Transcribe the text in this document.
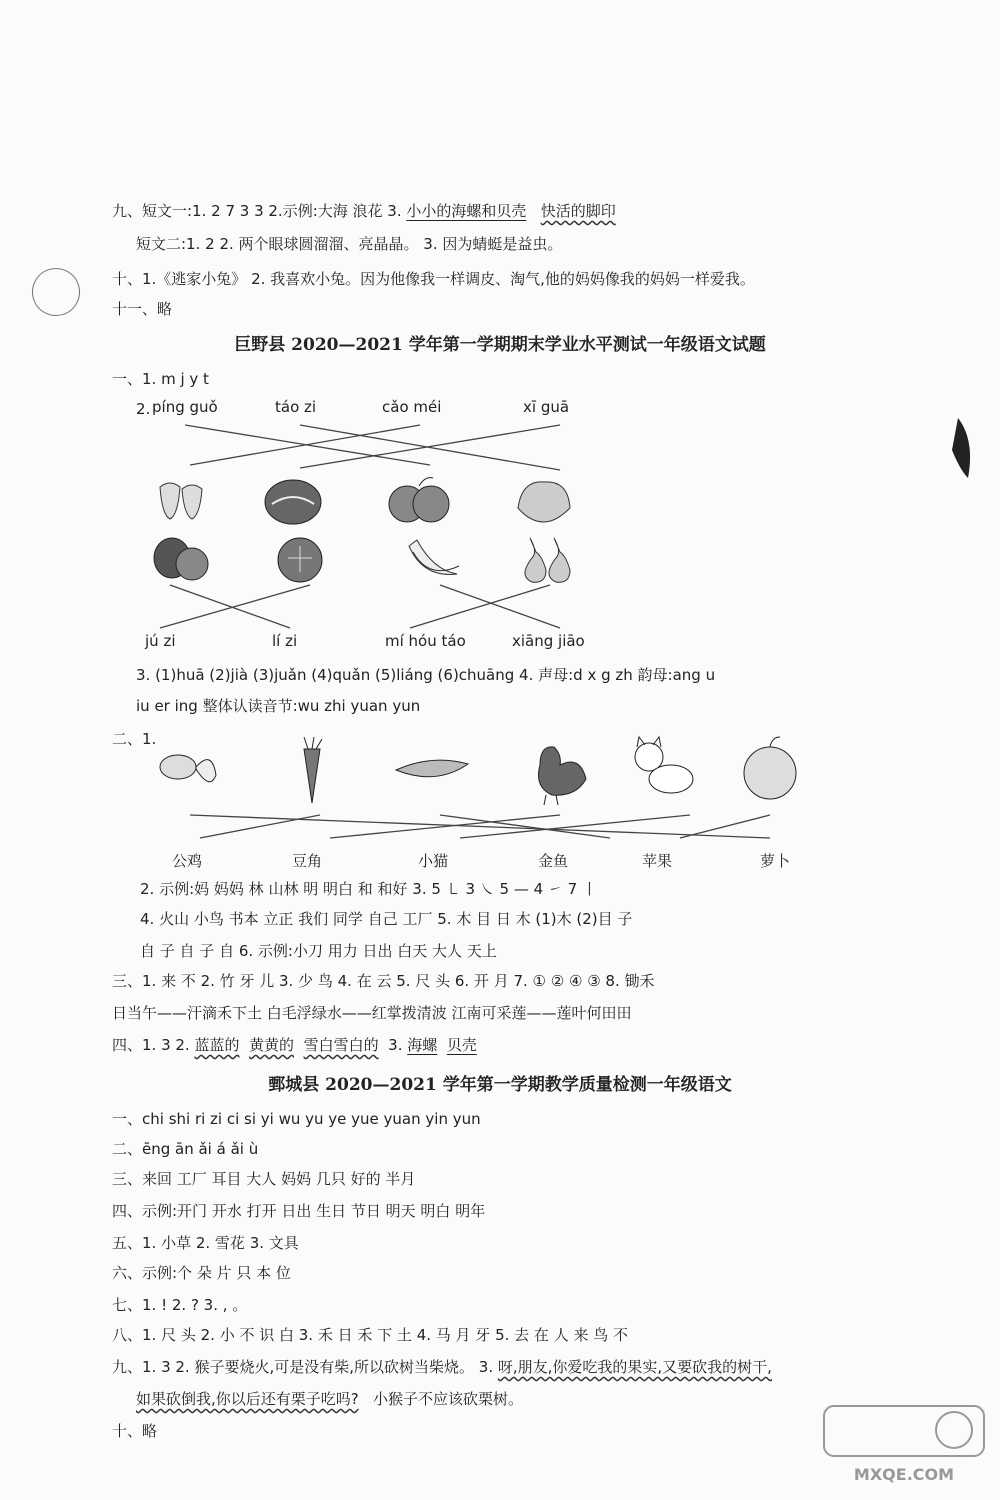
九、短文一:1. 2 7 3 3 2.示例:大海 浪花 3. 小小的海螺和贝壳 快活的脚印
短文二:1. 2 2. 两个眼球圆溜溜、亮晶晶。 3. 因为蜻蜓是益虫。
十、1.《逃家小兔》 2. 我喜欢小兔。因为他像我一样调皮、淘气,他的妈妈像我的妈妈一样爱我。
十一、略
巨野县 2020—2021 学年第一学期期末学业水平测试一年级语文试题
一、1. m j y t
2. píng guǒ	táo zi	cǎo méi	xī guā
jú zi	lí zi	mí hóu táo	xiāng jiāo
3. (1)huā (2)jià (3)juǎn (4)quǎn (5)liáng (6)chuāng 4. 声母:d x g zh 韵母:ang u
iu er ing 整体认读音节:wu zhi yuan yun
二、1.
公鸡	豆角	小猫	金鱼	苹果	萝卜
2. 示例:妈 妈妈 林 山林 明 明白 和 和好 3. 5 ㇄ 3 ㇏ 5 — 4 ㇀ 7 丨
4. 火山 小鸟 书本 立正 我们 同学 自己 工厂 5. 木 目 日 木 (1)木 (2)目 子
自 子 自 子 自 6. 示例:小刀 用力 日出 白天 大人 天上
三、1. 来 不 2. 竹 牙 儿 3. 少 鸟 4. 在 云 5. 尺 头 6. 开 月 7. ① ② ④ ③ 8. 锄禾
日当午——汗滴禾下土 白毛浮绿水——红掌拨清波 江南可采莲——莲叶何田田
四、1. 3 2. 蓝蓝的 黄黄的 雪白雪白的 3. 海螺 贝壳
鄄城县 2020—2021 学年第一学期教学质量检测一年级语文
一、chi shi ri zi ci si yi wu yu ye yue yuan yin yun
二、ēng ān ǎi á ǎi ù
三、来回 工厂 耳目 大人 妈妈 几只 好的 半月
四、示例:开门 开水 打开 日出 生日 节日 明天 明白 明年
五、1. 小草 2. 雪花 3. 文具
六、示例:个 朵 片 只 本 位
七、1. ! 2. ? 3. , 。
八、1. 尺 头 2. 小 不 识 白 3. 禾 日 禾 下 土 4. 马 月 牙 5. 去 在 人 来 鸟 不
九、1. 3 2. 猴子要烧火,可是没有柴,所以砍树当柴烧。 3. 呀,朋友,你爱吃我的果实,又要砍我的树干,
如果砍倒我,你以后还有栗子吃吗? 小猴子不应该砍栗树。
十、略
MXQE.COM
